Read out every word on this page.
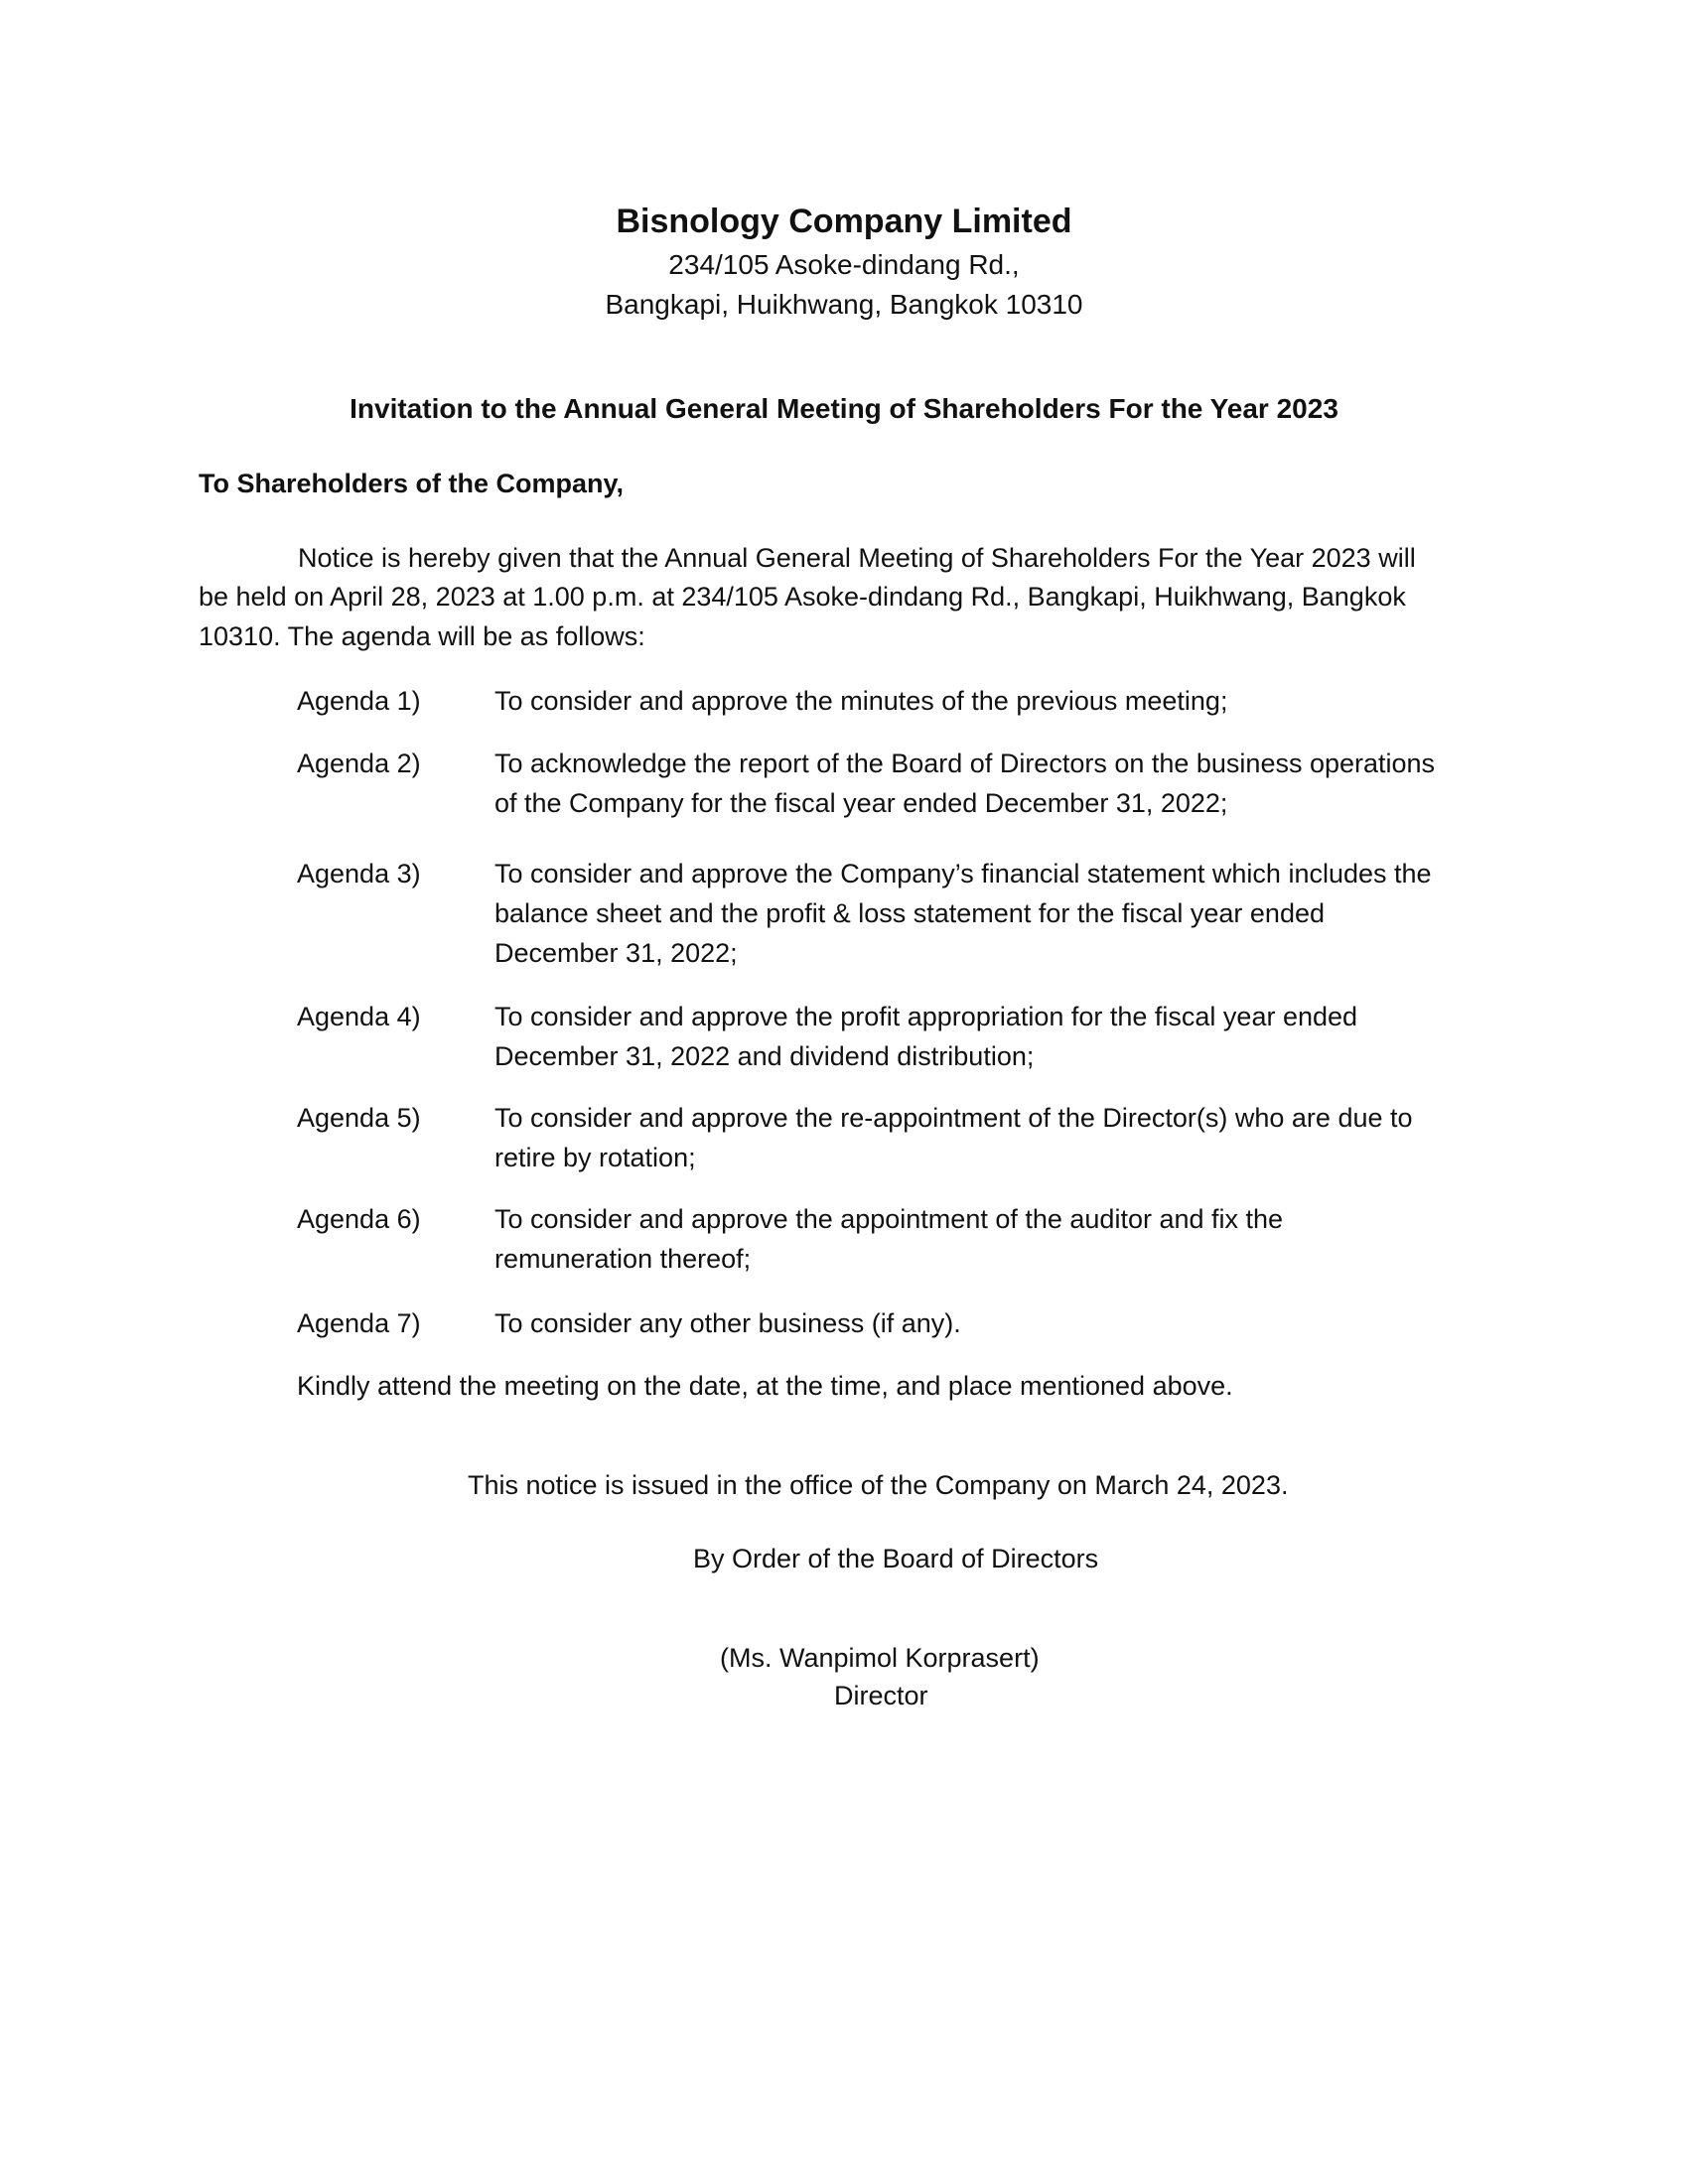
Bisnology Company Limited
234/105 Asoke-dindang Rd.,
Bangkapi, Huikhwang, Bangkok 10310
Invitation to the Annual General Meeting of Shareholders For the Year 2023
To Shareholders of the Company,
Notice is hereby given that the Annual General Meeting of Shareholders For the Year 2023 will
be held on April 28, 2023 at 1.00 p.m. at 234/105 Asoke-dindang Rd., Bangkapi, Huikhwang, Bangkok
10310. The agenda will be as follows:
Agenda 1)	To consider and approve the minutes of the previous meeting;
Agenda 2)	To acknowledge the report of the Board of Directors on the business operations
of the Company for the fiscal year ended December 31, 2022;
Agenda 3)	To consider and approve the Company’s financial statement which includes the
balance sheet and the profit & loss statement for the fiscal year ended
December 31, 2022;
Agenda 4)	To consider and approve the profit appropriation for the fiscal year ended
December 31, 2022 and dividend distribution;
Agenda 5)	To consider and approve the re-appointment of the Director(s) who are due to
retire by rotation;
Agenda 6)	To consider and approve the appointment of the auditor and fix the
remuneration thereof;
Agenda 7)	To consider any other business (if any).
Kindly attend the meeting on the date, at the time, and place mentioned above.
This notice is issued in the office of the Company on March 24, 2023.
By Order of the Board of Directors
(Ms. Wanpimol Korprasert)
Director
